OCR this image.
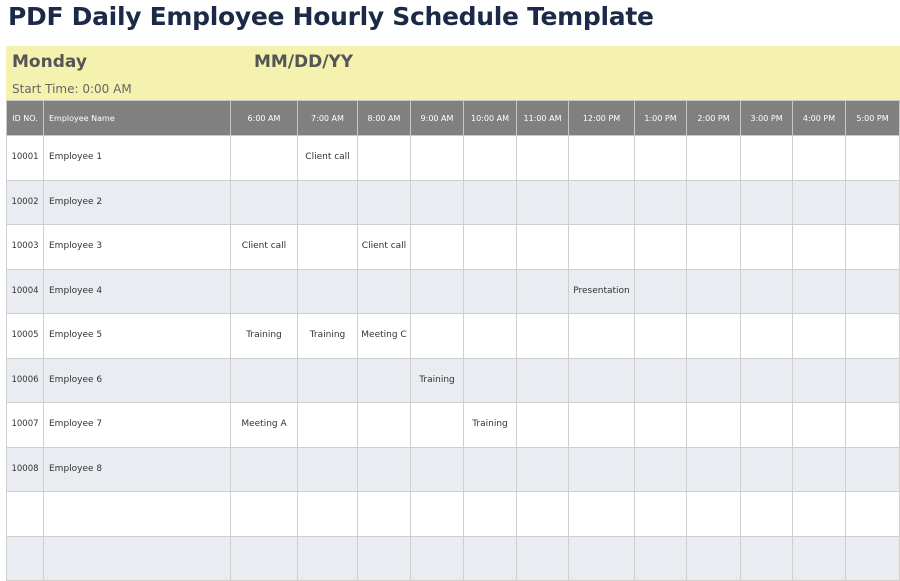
PDF Daily Employee Hourly Schedule Template
Monday	MM/DD/YY
Start Time: 0:00 AM
ID NO.	Employee Name	6:00 AM	7:00 AM	8:00 AM	9:00 AM	10:00 AM	11:00 AM	12:00 PM	1:00 PM	2:00 PM	3:00 PM	4:00 PM	5:00 PM
10001	Employee 1		Client call										
10002	Employee 2												
10003	Employee 3	Client call		Client call									
10004	Employee 4							Presentation					
10005	Employee 5	Training	Training	Meeting C									
10006	Employee 6				Training								
10007	Employee 7	Meeting A				Training							
10008	Employee 8												
